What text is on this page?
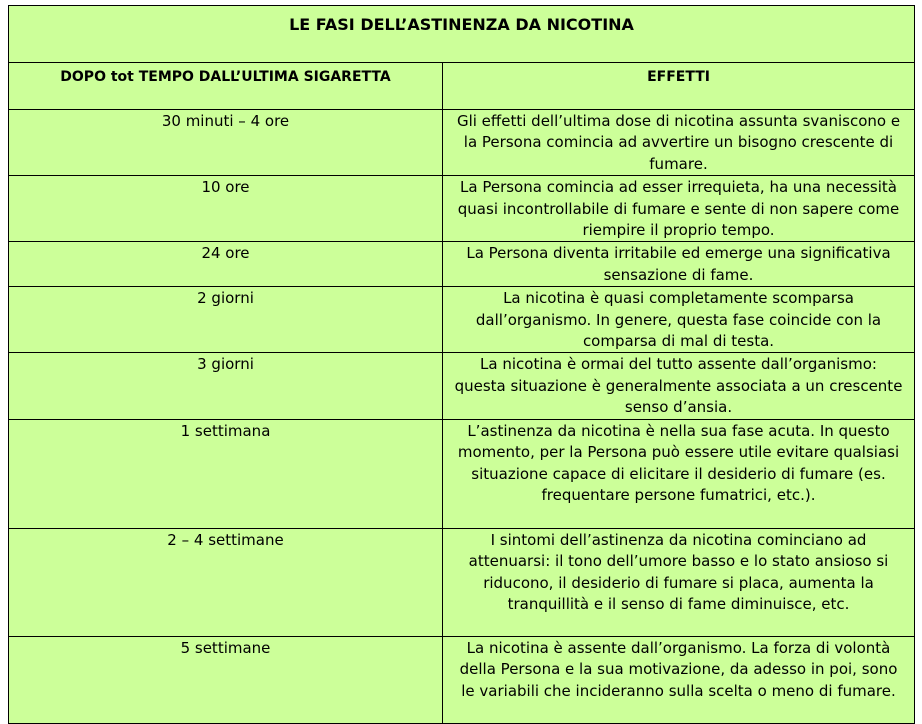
LE FASI DELL’ASTINENZA DA NICOTINA	
DOPO tot TEMPO DALL’ULTIMA SIGARETTA	EFFETTI
30 minuti – 4 ore	Gli effetti dell’ultima dose di nicotina assunta svaniscono e la Persona comincia ad avvertire un bisogno crescente di fumare.
10 ore	La Persona comincia ad esser irrequieta, ha una necessità quasi incontrollabile di fumare e sente di non sapere come riempire il proprio tempo.
24 ore	La Persona diventa irritabile ed emerge una significativa sensazione di fame.
2 giorni	La nicotina è quasi completamente scomparsa dall’organismo. In genere, questa fase coincide con la comparsa di mal di testa.
3 giorni	La nicotina è ormai del tutto assente dall’organismo: questa situazione è generalmente associata a un crescente senso d’ansia.
1 settimana	L’astinenza da nicotina è nella sua fase acuta. In questo momento, per la Persona può essere utile evitare qualsiasi situazione capace di elicitare il desiderio di fumare (es. frequentare persone fumatrici, etc.).
2 – 4 settimane	I sintomi dell’astinenza da nicotina cominciano ad attenuarsi: il tono dell’umore basso e lo stato ansioso si riducono, il desiderio di fumare si placa, aumenta la tranquillità e il senso di fame diminuisce, etc.
5 settimane	La nicotina è assente dall’organismo. La forza di volontà della Persona e la sua motivazione, da adesso in poi, sono le variabili che incideranno sulla scelta o meno di fumare.
